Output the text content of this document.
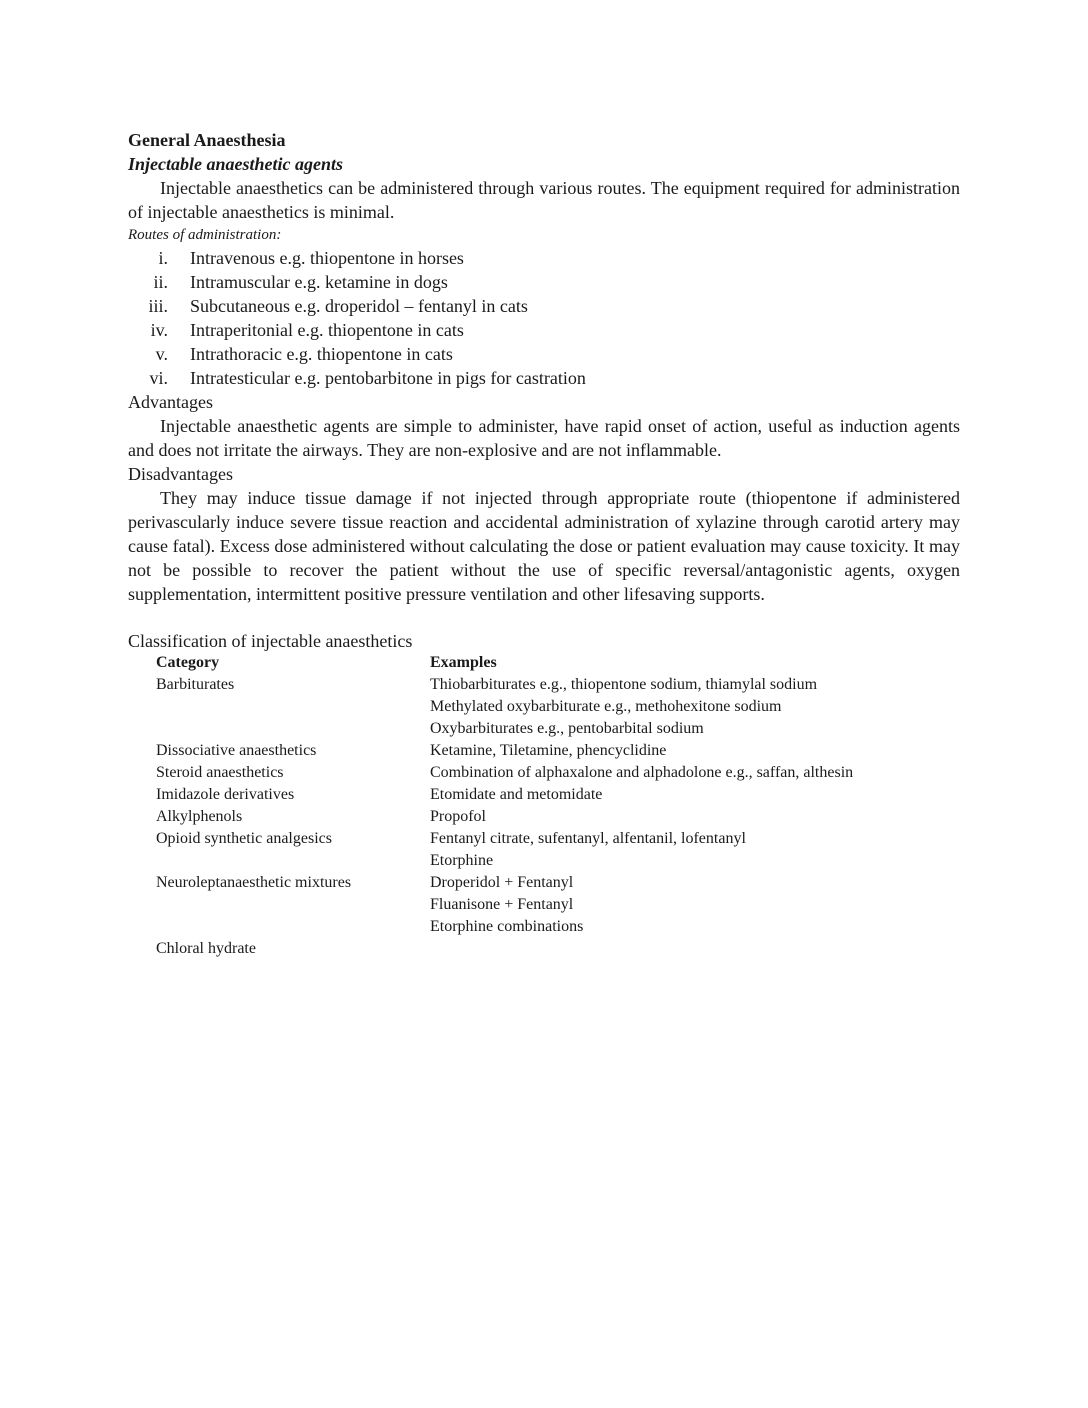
General Anaesthesia

Injectable anaesthetic agents

Injectable anaesthetics can be administered through various routes. The equipment required for administration of injectable anaesthetics is minimal.

Routes of administration:

i.	Intravenous e.g. thiopentone in horses
ii.	Intramuscular e.g. ketamine in dogs
iii.	Subcutaneous e.g. droperidol – fentanyl in cats
iv.	Intraperitonial e.g. thiopentone in cats
v.	Intrathoracic e.g. thiopentone in cats
vi.	Intratesticular e.g. pentobarbitone in pigs for castration

Advantages

Injectable anaesthetic agents are simple to administer, have rapid onset of action, useful as induction agents and does not irritate the airways. They are non-explosive and are not inflammable.

Disadvantages

They may induce tissue damage if not injected through appropriate route (thiopentone if administered perivascularly induce severe tissue reaction and accidental administration of xylazine through carotid artery may cause fatal). Excess dose administered without calculating the dose or patient evaluation may cause toxicity. It may not be possible to recover the patient without the use of specific reversal/antagonistic agents, oxygen supplementation, intermittent positive pressure ventilation and other lifesaving supports.

Classification of injectable anaesthetics

Category	Examples
Barbiturates	Thiobarbiturates e.g., thiopentone sodium, thiamylal sodium
Methylated oxybarbiturate e.g., methohexitone sodium
Oxybarbiturates e.g., pentobarbital sodium
Dissociative anaesthetics	Ketamine, Tiletamine, phencyclidine
Steroid anaesthetics	Combination of alphaxalone and alphadolone e.g., saffan, althesin
Imidazole derivatives	Etomidate and metomidate
Alkylphenols	Propofol
Opioid synthetic analgesics	Fentanyl citrate, sufentanyl, alfentanil, lofentanyl
Etorphine
Neuroleptanaesthetic mixtures	Droperidol + Fentanyl
Fluanisone + Fentanyl
Etorphine combinations
Chloral hydrate
